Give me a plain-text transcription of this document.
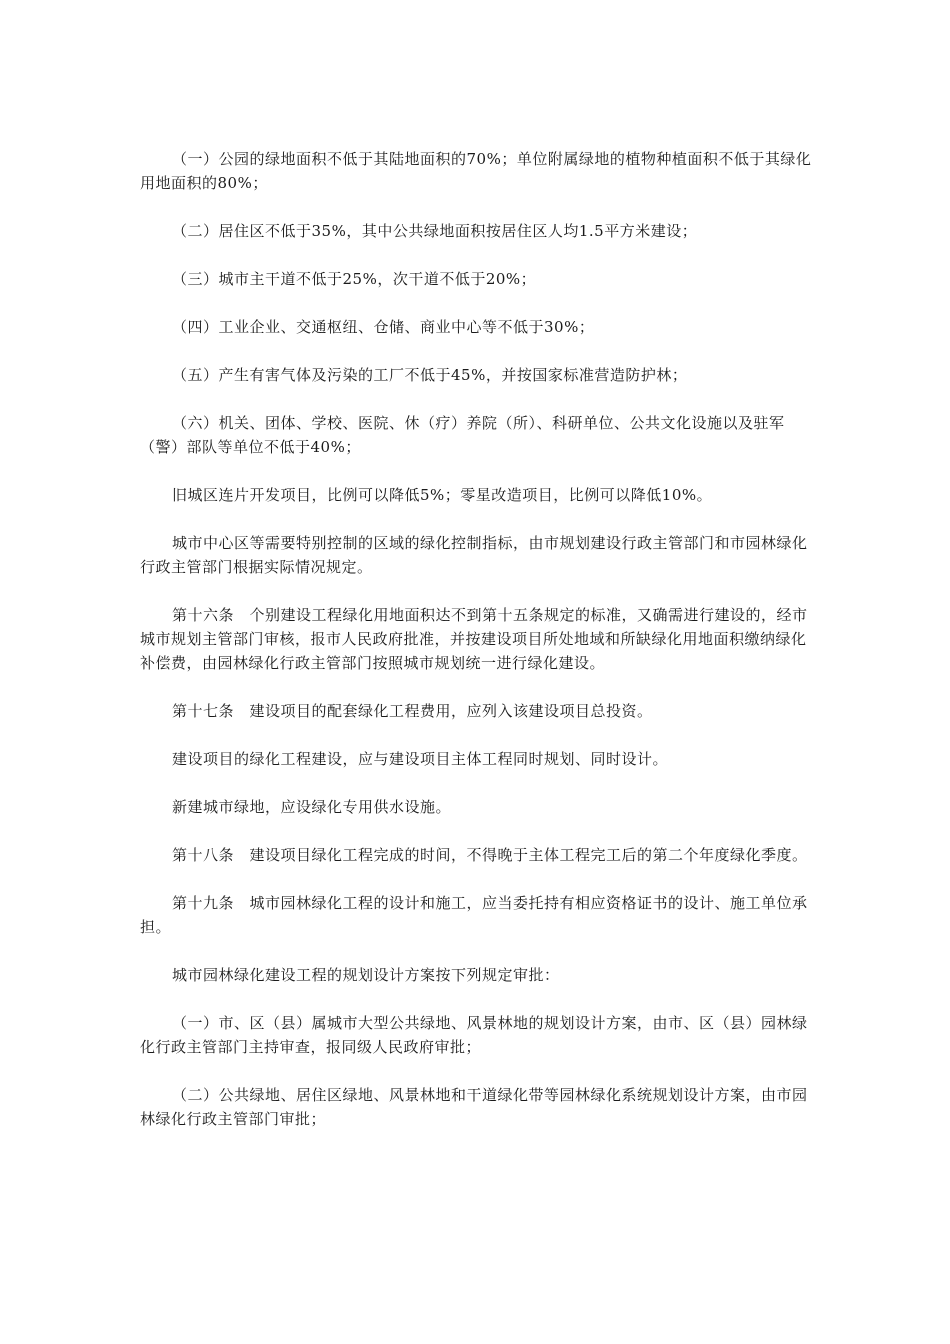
（一）公园的绿地面积不低于其陆地面积的70%；单位附属绿地的植物种植面积不低于其绿化用地面积的80%；

（二）居住区不低于35%，其中公共绿地面积按居住区人均1.5平方米建设；

（三）城市主干道不低于25%，次干道不低于20%；

（四）工业企业、交通枢纽、仓储、商业中心等不低于30%；

（五）产生有害气体及污染的工厂不低于45%，并按国家标准营造防护林；

（六）机关、团体、学校、医院、休（疗）养院（所）、科研单位、公共文化设施以及驻军（警）部队等单位不低于40%；

旧城区连片开发项目，比例可以降低5%；零星改造项目，比例可以降低10%。

城市中心区等需要特别控制的区域的绿化控制指标，由市规划建设行政主管部门和市园林绿化行政主管部门根据实际情况规定。

第十六条　个别建设工程绿化用地面积达不到第十五条规定的标准，又确需进行建设的，经市城市规划主管部门审核，报市人民政府批准，并按建设项目所处地域和所缺绿化用地面积缴纳绿化补偿费，由园林绿化行政主管部门按照城市规划统一进行绿化建设。

第十七条　建设项目的配套绿化工程费用，应列入该建设项目总投资。

建设项目的绿化工程建设，应与建设项目主体工程同时规划、同时设计。

新建城市绿地，应设绿化专用供水设施。

第十八条　建设项目绿化工程完成的时间，不得晚于主体工程完工后的第二个年度绿化季度。

第十九条　城市园林绿化工程的设计和施工，应当委托持有相应资格证书的设计、施工单位承担。

城市园林绿化建设工程的规划设计方案按下列规定审批：

（一）市、区（县）属城市大型公共绿地、风景林地的规划设计方案，由市、区（县）园林绿化行政主管部门主持审查，报同级人民政府审批；

（二）公共绿地、居住区绿地、风景林地和干道绿化带等园林绿化系统规划设计方案，由市园林绿化行政主管部门审批；
